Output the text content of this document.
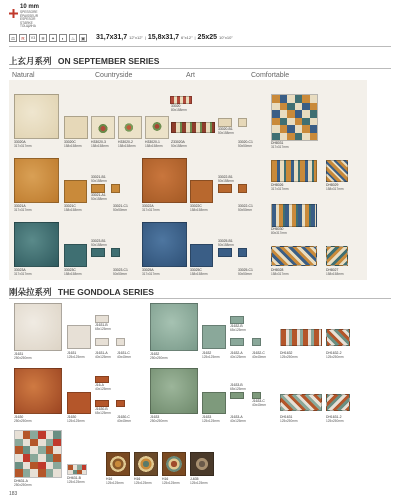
10 mm
SPESSORE
ÉPAISSEUR
ESPESOR
STÄRKE
TOLЩИНА
⚖	R	V3	❄	✦	◐	♨	▣ 31,7x31,7 12"x12" | 15,8x31,7 6"x12" | 25x25 10"x10"
上玄月系列 ON SEPTEMBER SERIES
Natural	Countryside	Art	Comfortable
33020A
317x317mm
33020C
158x158mm
H33020-3
158x158mm
H33020-2
158x158mm
H33020-1
158x158mm
33020
80x158mm
Z33020A
50x158mm
33020-B1
50x158mm
33020-C1
50x50mm
DH8031
317x317mm
33021A
317x317mm
33021C
158x158mm
33021-A1
50x158mm
33021-B1
50x158mm
33021-C1
50x50mm
33022A
317x317mm
33022C
158x158mm
33022-B1
50x158mm
33022-C1
50x50mm
DH8026
317x317mm
DH8029
158x317mm
DH8030
80x317mm
33023A
317x317mm
33023C
158x158mm
33023-B1
50x158mm
33023-C1
50x50mm
33025A
317x317mm
33025C
158x158mm
33025-B1
50x158mm
33025-C1
50x50mm
DH8028
158x317mm
DH8027
158x158mm
刚朵拉系列 THE GONDOLA SERIES
J1631
250x250mm
J1631
125x125mm
J1631-B
65x125mm
J1631-A
40x125mm
J1631-C
40x40mm
J1632
250x250mm
J1632
125x125mm
J1632-B
65x125mm
J1632-A
40x125mm
J1632-C
40x40mm
DH1632
125x250mm
DH1632-2
125x250mm
J1630
250x250mm
J1630
125x125mm
J16-A
40x125mm
J1630-B
65x125mm
J1630-C
40x40mm
J1633
250x250mm
J1633
125x125mm
J1633-B
65x125mm
J1633-A
40x125mm
J1633-C
40x40mm
DH1631
125x250mm
DH1631-2
125x250mm
DH631-A
250x250mm
DH631-B
125x125mm
H16
125x125mm
H16
125x125mm
H16
125x125mm
J-635
125x125mm
183
